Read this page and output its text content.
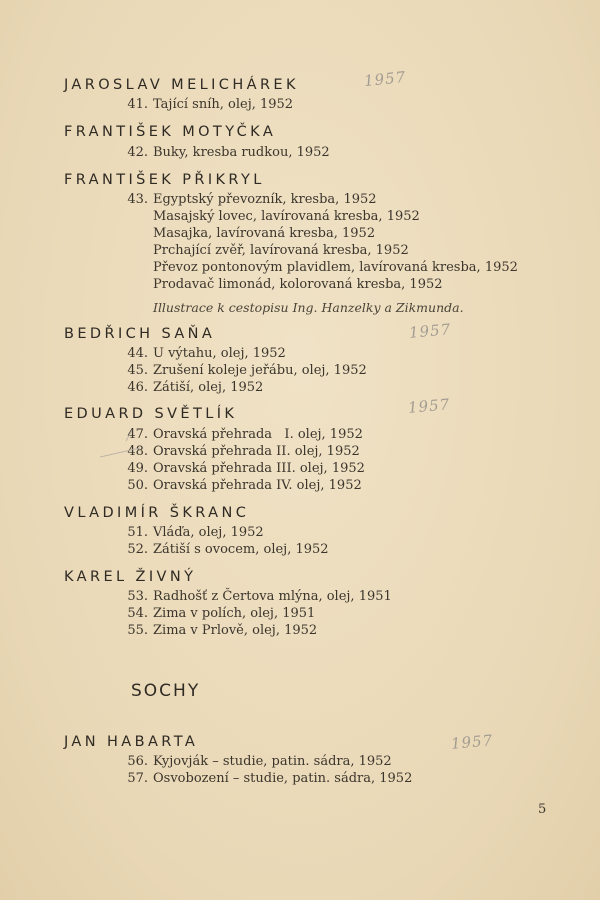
JAROSLAV MELICHÁREK
41. Tající sníh, olej, 1952
FRANTIŠEK MOTYČKA
42. Buky, kresba rudkou, 1952
FRANTIŠEK PŘIKRYL
43. Egyptský převozník, kresba, 1952
Masajský lovec, lavírovaná kresba, 1952
Masajka, lavírovaná kresba, 1952
Prchající zvěř, lavírovaná kresba, 1952
Převoz pontonovým plavidlem, lavírovaná kresba, 1952
Prodavač limonád, kolorovaná kresba, 1952
Illustrace k cestopisu Ing. Hanzelky a Zikmunda.
BEDŘICH SAŇA
44. U výtahu, olej, 1952
45. Zrušení koleje jeřábu, olej, 1952
46. Zátiší, olej, 1952
EDUARD SVĚTLÍK
47. Oravská přehrada   I. olej, 1952
48. Oravská přehrada II. olej, 1952
49. Oravská přehrada III. olej, 1952
50. Oravská přehrada IV. olej, 1952
VLADIMÍR ŠKRANC
51. Vláďa, olej, 1952
52. Zátiší s ovocem, olej, 1952
KAREL ŽIVNÝ
53. Radhošť z Čertova mlýna, olej, 1951
54. Zima v polích, olej, 1951
55. Zima v Prlově, olej, 1952
SOCHY
JAN HABARTA
56. Kyjovják – studie, patin. sádra, 1952
57. Osvobození – studie, patin. sádra, 1952
1957
1957
1957
1957
5
